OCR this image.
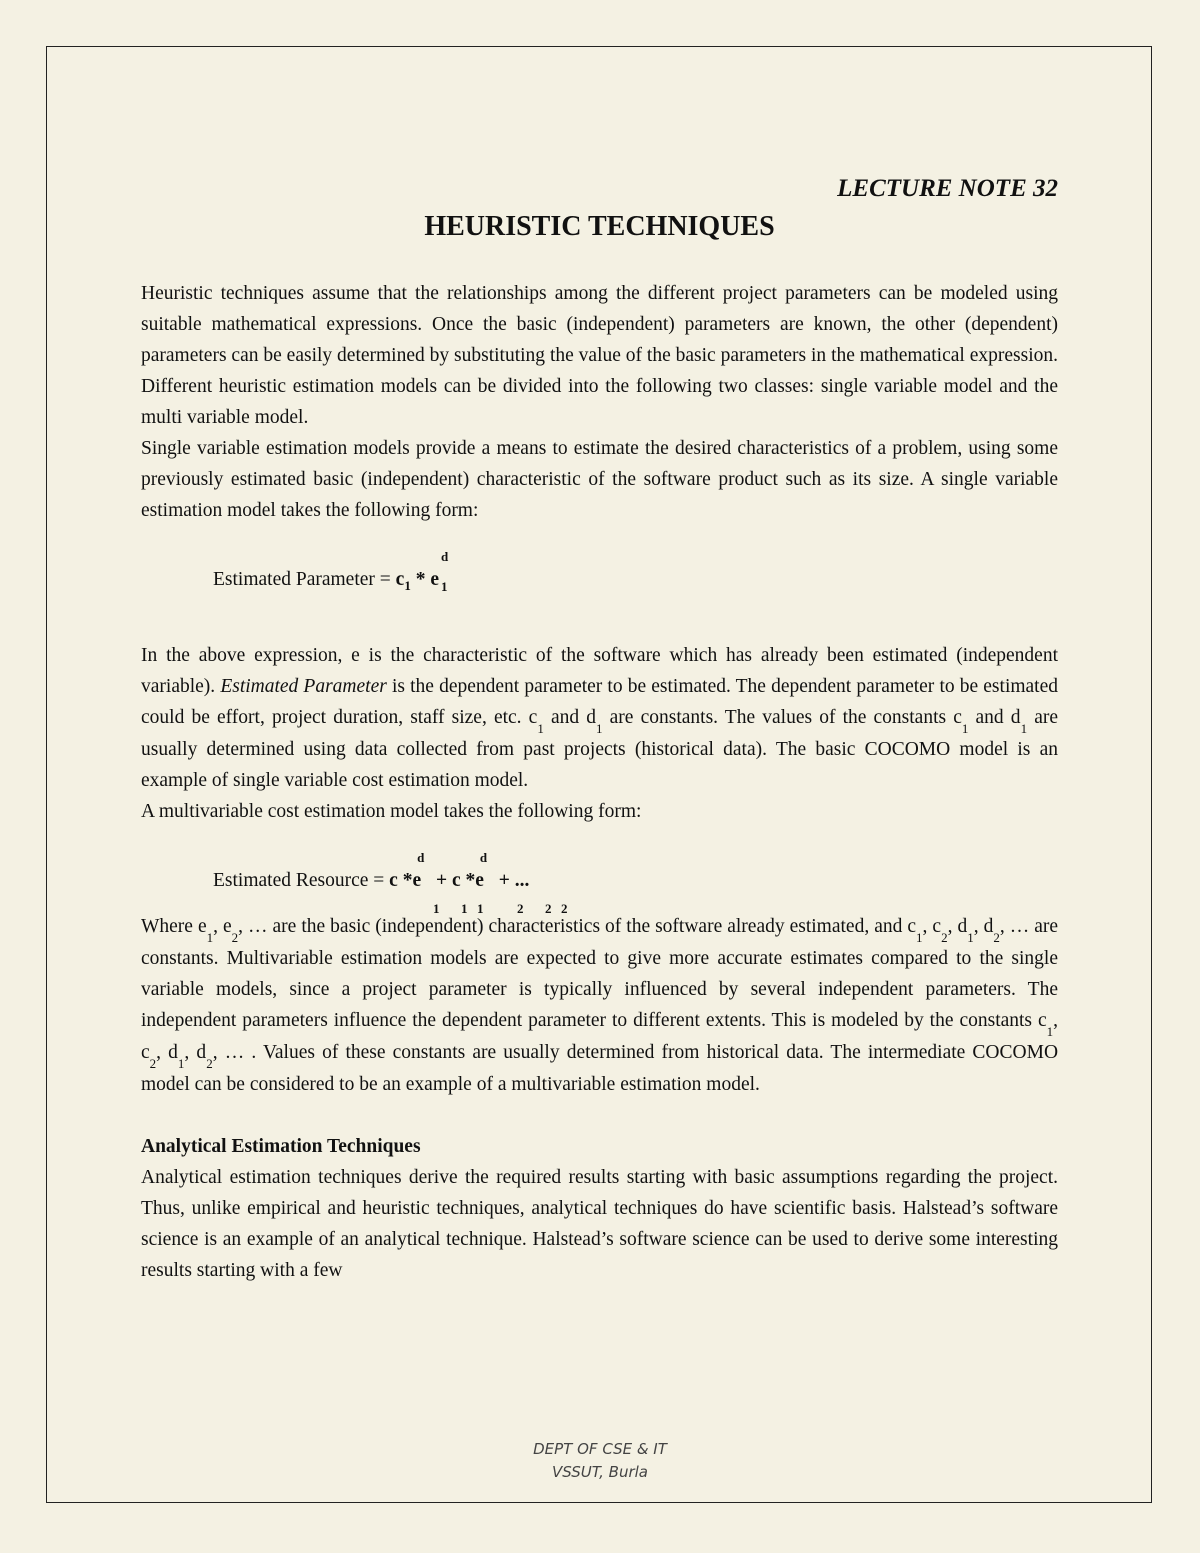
LECTURE NOTE 32
HEURISTIC TECHNIQUES

Heuristic techniques assume that the relationships among the different project parameters can be modeled using suitable mathematical expressions. Once the basic (independent) parameters are known, the other (dependent) parameters can be easily determined by substituting the value of the basic parameters in the mathematical expression. Different heuristic estimation models can be divided into the following two classes: single variable model and the multi variable model.

Single variable estimation models provide a means to estimate the desired characteristics of a problem, using some previously estimated basic (independent) characteristic of the software product such as its size. A single variable estimation model takes the following form:

Estimated Parameter = $c_1$ * e
d
1

In the above expression, e is the characteristic of the software which has already been estimated (independent variable). Estimated Parameter is the dependent parameter to be estimated. The dependent parameter to be estimated could be effort, project duration, staff size, etc. $c_1$ and $d_1$ are constants. The values of the constants $c_1$ and $d_1$ are usually determined using data collected from past projects (historical data). The basic COCOMO model is an example of single variable cost estimation model.

A multivariable cost estimation model takes the following form:

Estimated Resource = c *e
d
+ c *e
d
+ ...
1 1 1	2 2 2

Where $e_1$, $e_2$, … are the basic (independent) characteristics of the software already estimated, and $c_1$, $c_2$, $d_1$, $d_2$, … are constants. Multivariable estimation models are expected to give more accurate estimates compared to the single variable models, since a project parameter is typically influenced by several independent parameters. The independent parameters influence the dependent parameter to different extents. This is modeled by the constants $c_1$, $c_2$, $d_1$, $d_2$, … . Values of these constants are usually determined from historical data. The intermediate COCOMO model can be considered to be an example of a multivariable estimation model.

Analytical Estimation Techniques

Analytical estimation techniques derive the required results starting with basic assumptions regarding the project. Thus, unlike empirical and heuristic techniques, analytical techniques do have scientific basis. Halstead’s software science is an example of an analytical technique. Halstead’s software science can be used to derive some interesting results starting with a few

DEPT OF CSE & IT
VSSUT, Burla
